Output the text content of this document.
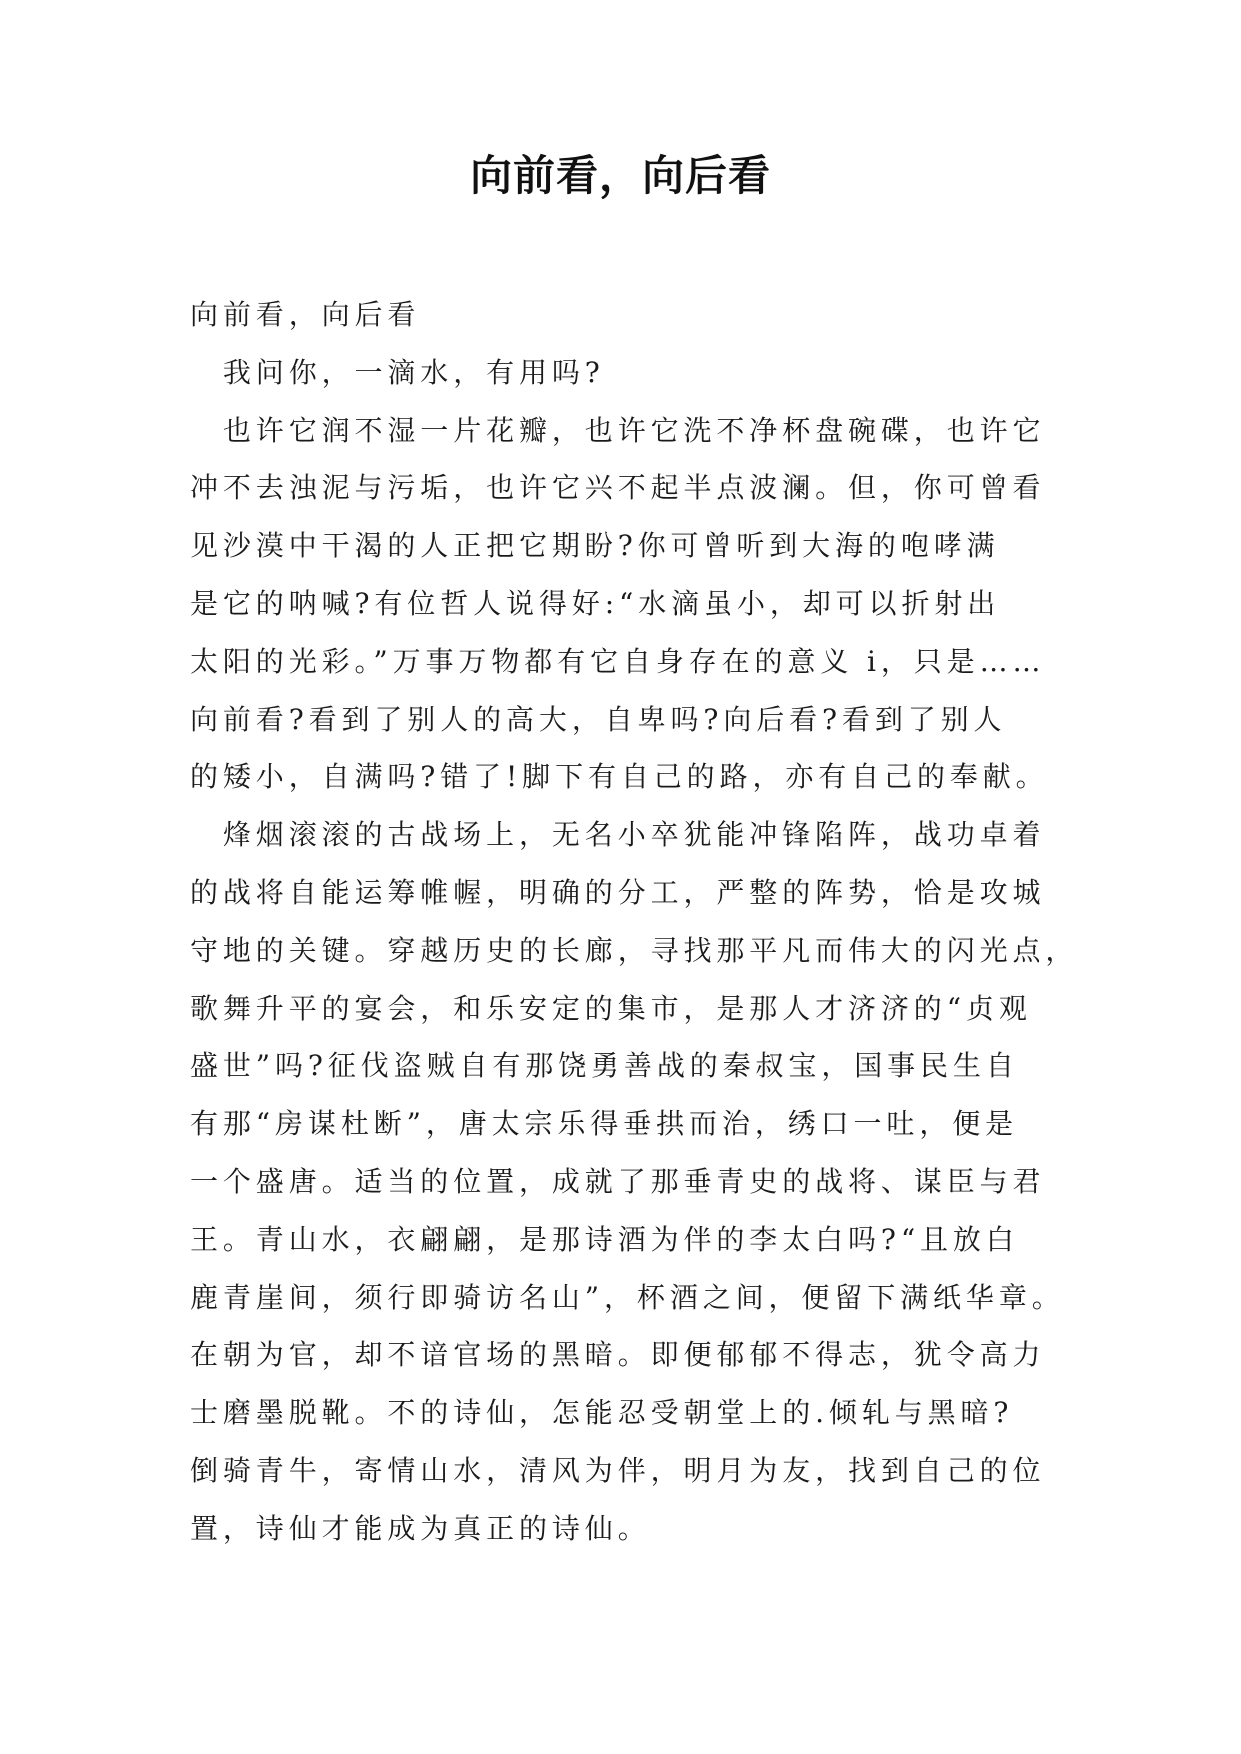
向前看，向后看

向前看，向后看

　我问你，一滴水，有用吗?

　也许它润不湿一片花瓣，也许它洗不净杯盘碗碟，也许它

冲不去浊泥与污垢，也许它兴不起半点波澜。但，你可曾看

见沙漠中干渴的人正把它期盼?你可曾听到大海的咆哮满

是它的呐喊?有位哲人说得好:“水滴虽小，却可以折射出

太阳的光彩。”万事万物都有它自身存在的意义 i，只是……

向前看?看到了别人的高大，自卑吗?向后看?看到了别人

的矮小，自满吗?错了!脚下有自己的路，亦有自己的奉献。

　烽烟滚滚的古战场上，无名小卒犹能冲锋陷阵，战功卓着

的战将自能运筹帷幄，明确的分工，严整的阵势，恰是攻城

守地的关键。穿越历史的长廊，寻找那平凡而伟大的闪光点，

歌舞升平的宴会，和乐安定的集市，是那人才济济的“贞观

盛世”吗?征伐盗贼自有那饶勇善战的秦叔宝，国事民生自

有那“房谋杜断”，唐太宗乐得垂拱而治，绣口一吐，便是

一个盛唐。适当的位置，成就了那垂青史的战将、谋臣与君

王。青山水，衣翩翩，是那诗酒为伴的李太白吗?“且放白

鹿青崖间，须行即骑访名山”，杯酒之间，便留下满纸华章。

在朝为官，却不谙官场的黑暗。即便郁郁不得志，犹令高力

士磨墨脱靴。不的诗仙，怎能忍受朝堂上的.倾轧与黑暗?

倒骑青牛，寄情山水，清风为伴，明月为友，找到自己的位

置，诗仙才能成为真正的诗仙。
